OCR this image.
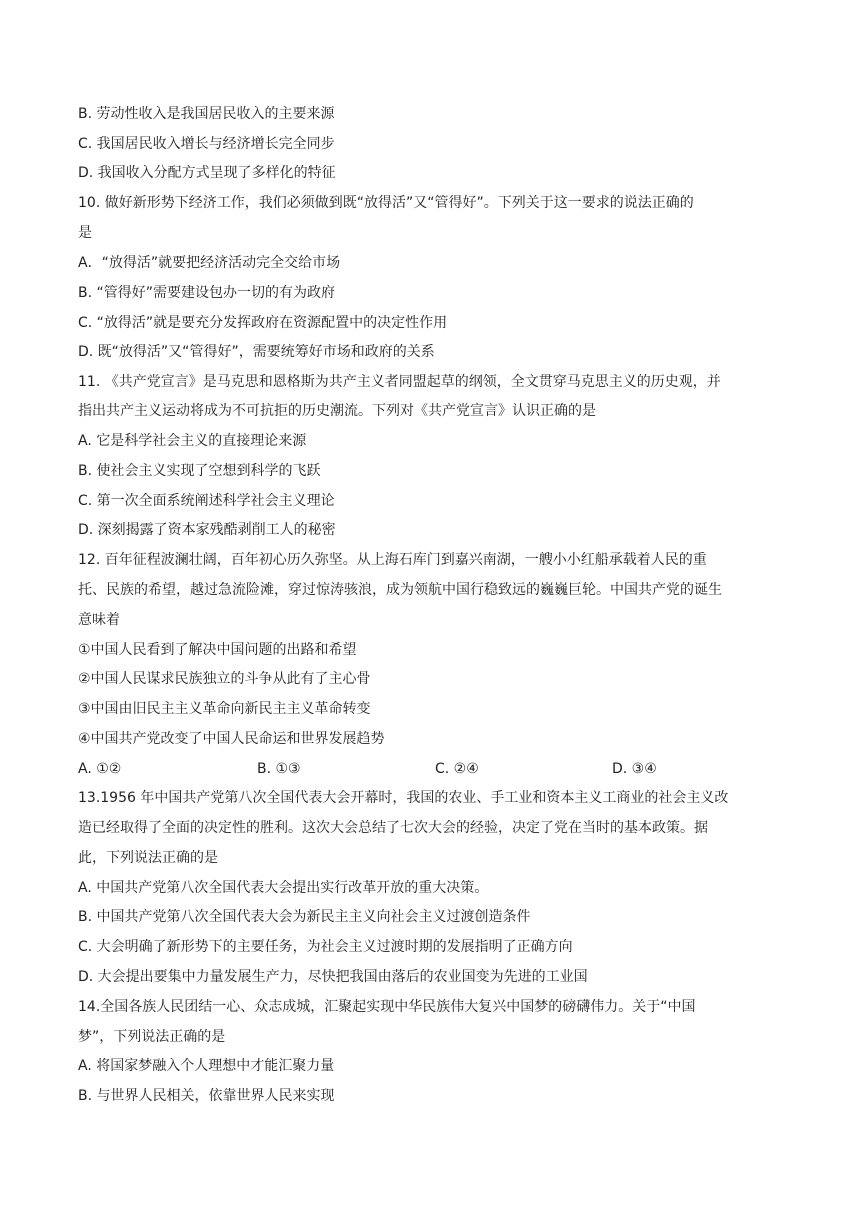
B. 劳动性收入是我国居民收入的主要来源
C. 我国居民收入增长与经济增长完全同步
D. 我国收入分配方式呈现了多样化的特征
10. 做好新形势下经济工作，我们必须做到既“放得活”又“管得好”。下列关于这一要求的说法正确的
是
A．“放得活”就要把经济活动完全交给市场
B. “管得好”需要建设包办一切的有为政府
C. “放得活”就是要充分发挥政府在资源配置中的决定性作用
D. 既“放得活”又“管得好”，需要统筹好市场和政府的关系
11. 《共产党宣言》是马克思和恩格斯为共产主义者同盟起草的纲领，全文贯穿马克思主义的历史观，并
指出共产主义运动将成为不可抗拒的历史潮流。下列对《共产党宣言》认识正确的是
A. 它是科学社会主义的直接理论来源
B. 使社会主义实现了空想到科学的飞跃
C. 第一次全面系统阐述科学社会主义理论
D. 深刻揭露了资本家残酷剥削工人的秘密
12. 百年征程波澜壮阔，百年初心历久弥坚。从上海石库门到嘉兴南湖，一艘小小红船承载着人民的重
托、民族的希望，越过急流险滩，穿过惊涛骇浪，成为领航中国行稳致远的巍巍巨轮。中国共产党的诞生
意味着
①中国人民看到了解决中国问题的出路和希望
②中国人民谋求民族独立的斗争从此有了主心骨
③中国由旧民主主义革命向新民主主义革命转变
④中国共产党改变了中国人民命运和世界发展趋势
A. ①②	B. ①③	C. ②④	D. ③④
13.1956 年中国共产党第八次全国代表大会开幕时，我国的农业、手工业和资本主义工商业的社会主义改
造已经取得了全面的决定性的胜利。这次大会总结了七次大会的经验，决定了党在当时的基本政策。据
此，下列说法正确的是
A. 中国共产党第八次全国代表大会提出实行改革开放的重大决策。
B. 中国共产党第八次全国代表大会为新民主主义向社会主义过渡创造条件
C. 大会明确了新形势下的主要任务，为社会主义过渡时期的发展指明了正确方向
D. 大会提出要集中力量发展生产力，尽快把我国由落后的农业国变为先进的工业国
14.全国各族人民团结一心、众志成城，汇聚起实现中华民族伟大复兴中国梦的磅礴伟力。关于“中国
梦”，下列说法正确的是
A. 将国家梦融入个人理想中才能汇聚力量
B. 与世界人民相关，依靠世界人民来实现
